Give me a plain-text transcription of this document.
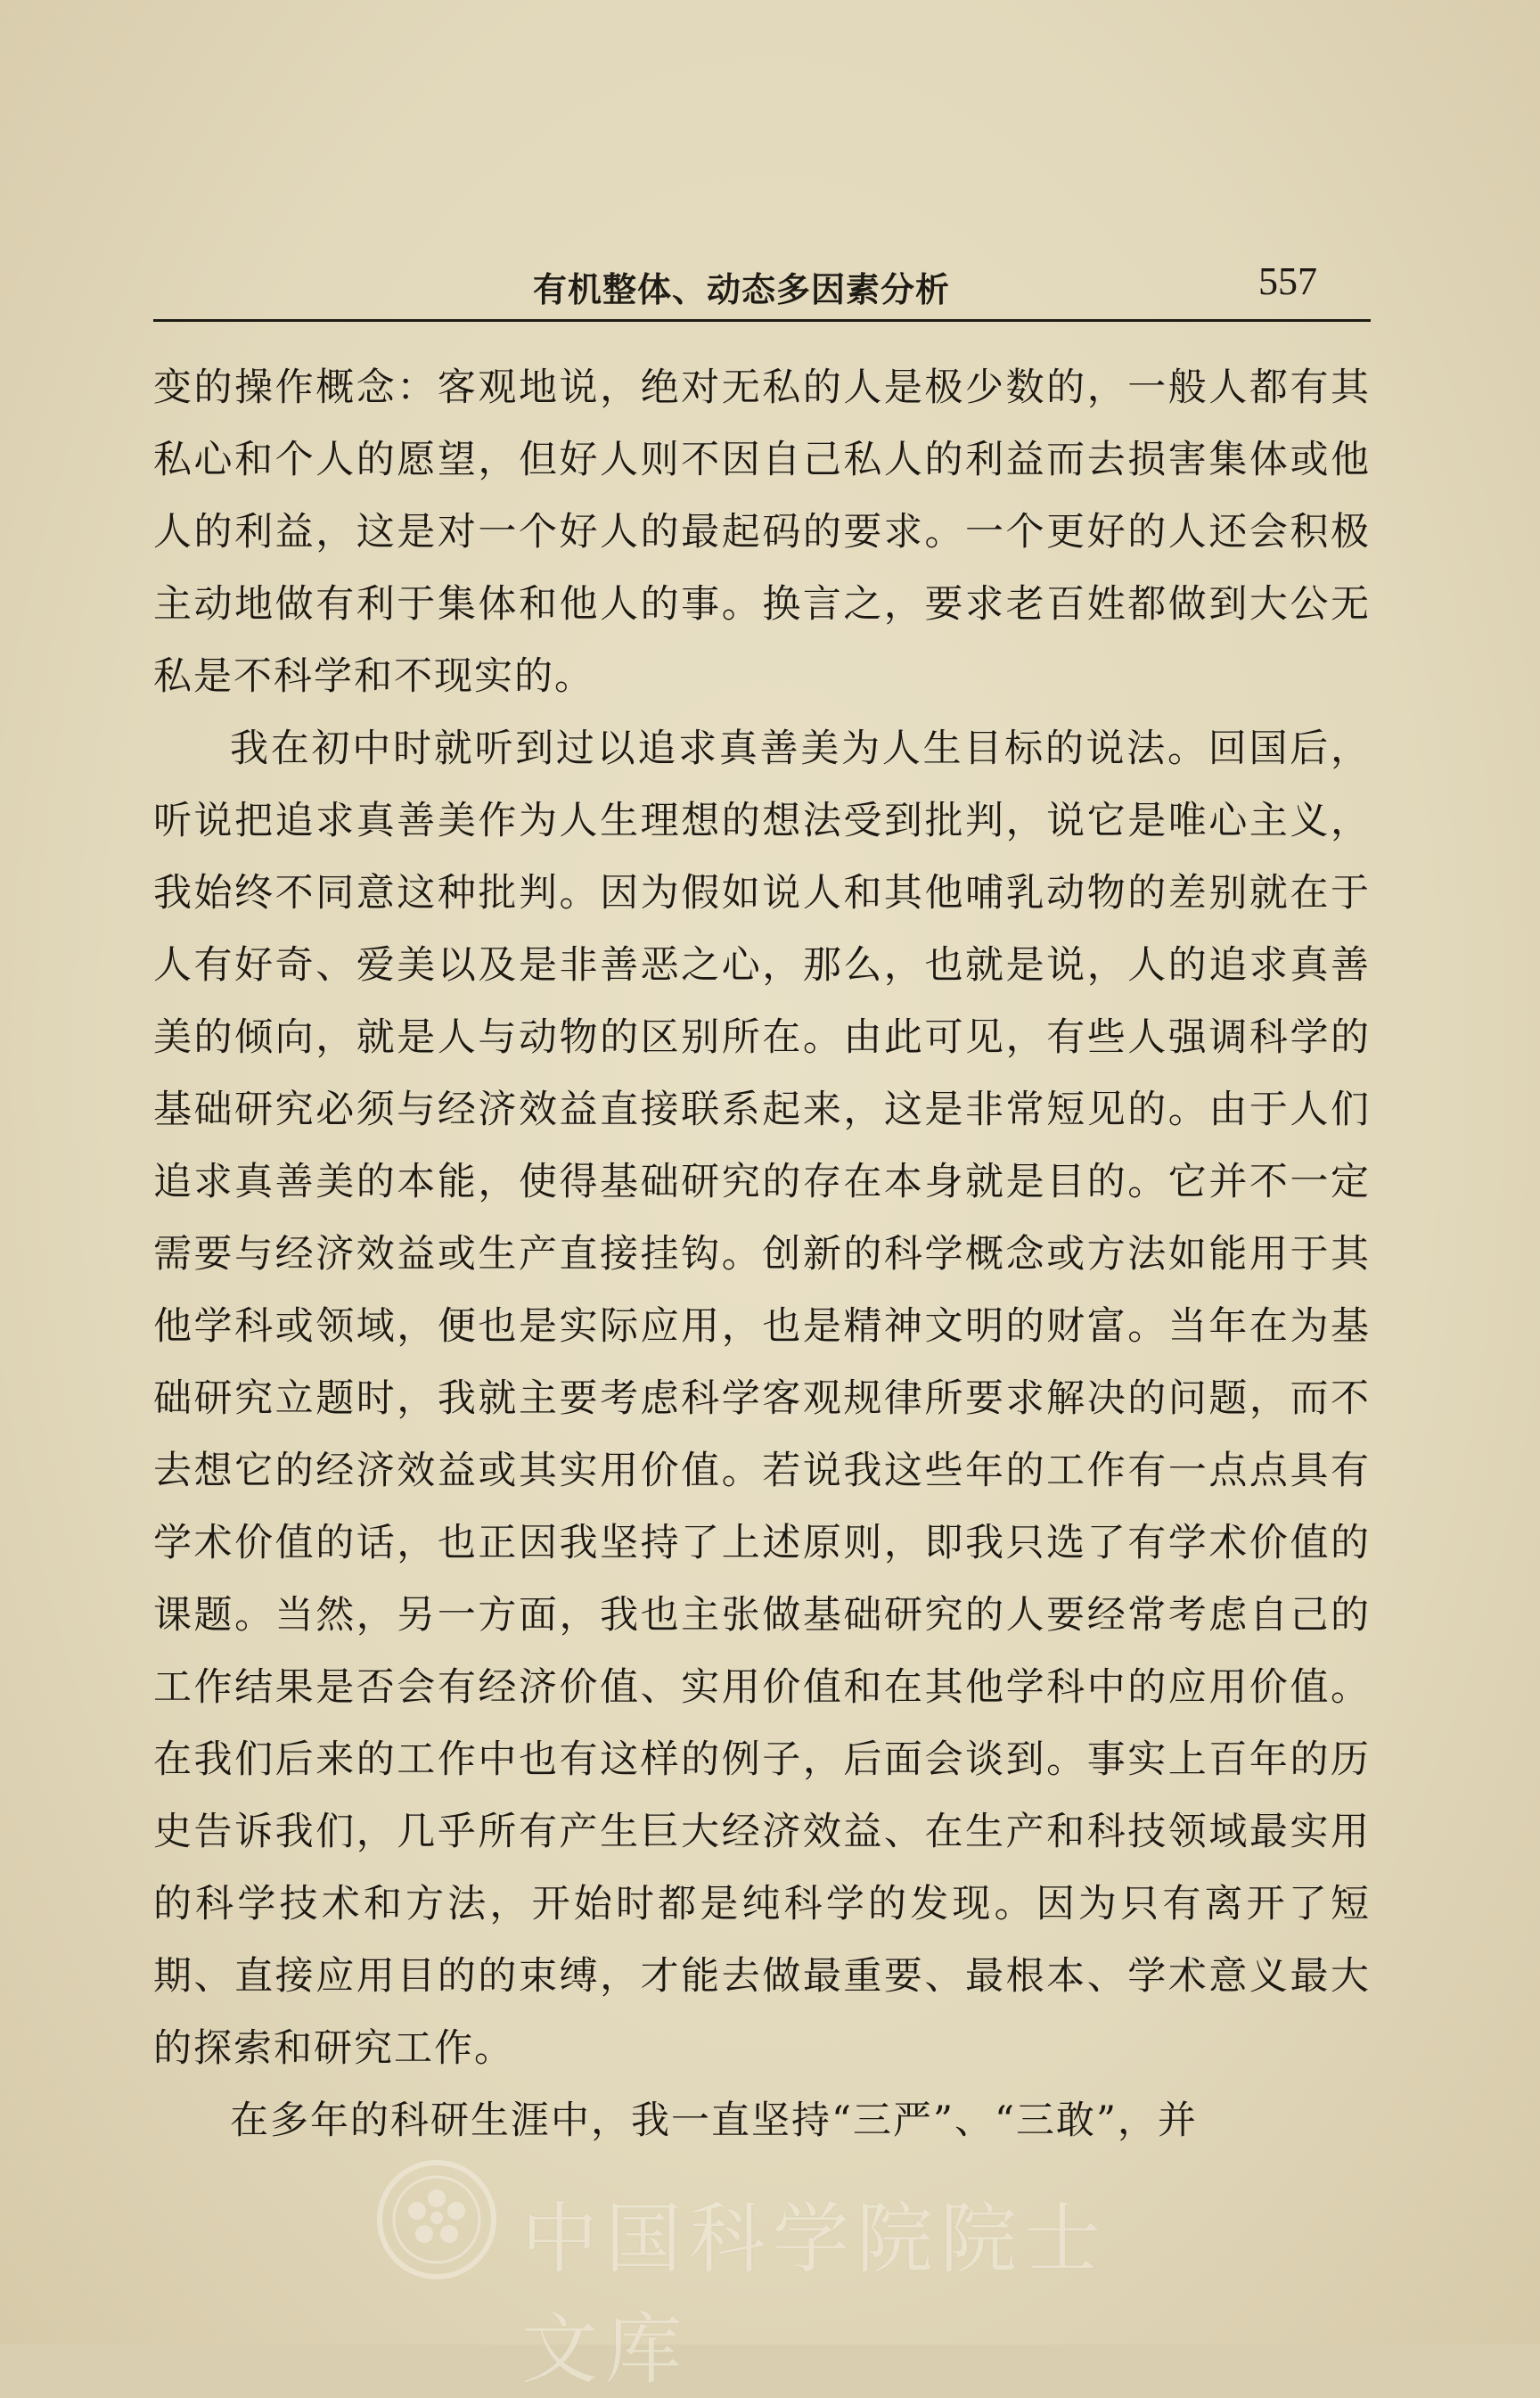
有机整体、动态多因素分析	557

变的操作概念：客观地说，绝对无私的人是极少数的，一般人都有其私心和个人的愿望，但好人则不因自己私人的利益而去损害集体或他人的利益，这是对一个好人的最起码的要求。一个更好的人还会积极主动地做有利于集体和他人的事。换言之，要求老百姓都做到大公无私是不科学和不现实的。

我在初中时就听到过以追求真善美为人生目标的说法。回国后，听说把追求真善美作为人生理想的想法受到批判，说它是唯心主义，我始终不同意这种批判。因为假如说人和其他哺乳动物的差别就在于人有好奇、爱美以及是非善恶之心，那么，也就是说，人的追求真善美的倾向，就是人与动物的区别所在。由此可见，有些人强调科学的基础研究必须与经济效益直接联系起来，这是非常短见的。由于人们追求真善美的本能，使得基础研究的存在本身就是目的。它并不一定需要与经济效益或生产直接挂钩。创新的科学概念或方法如能用于其他学科或领域，便也是实际应用，也是精神文明的财富。当年在为基础研究立题时，我就主要考虑科学客观规律所要求解决的问题，而不去想它的经济效益或其实用价值。若说我这些年的工作有一点点具有学术价值的话，也正因我坚持了上述原则，即我只选了有学术价值的课题。当然，另一方面，我也主张做基础研究的人要经常考虑自己的工作结果是否会有经济价值、实用价值和在其他学科中的应用价值。在我们后来的工作中也有这样的例子，后面会谈到。事实上百年的历史告诉我们，几乎所有产生巨大经济效益、在生产和科技领域最实用的科学技术和方法，开始时都是纯科学的发现。因为只有离开了短期、直接应用目的的束缚，才能去做最重要、最根本、学术意义最大的探索和研究工作。

在多年的科研生涯中，我一直坚持“三严”、“三敢”，并

中国科学院院士文库
